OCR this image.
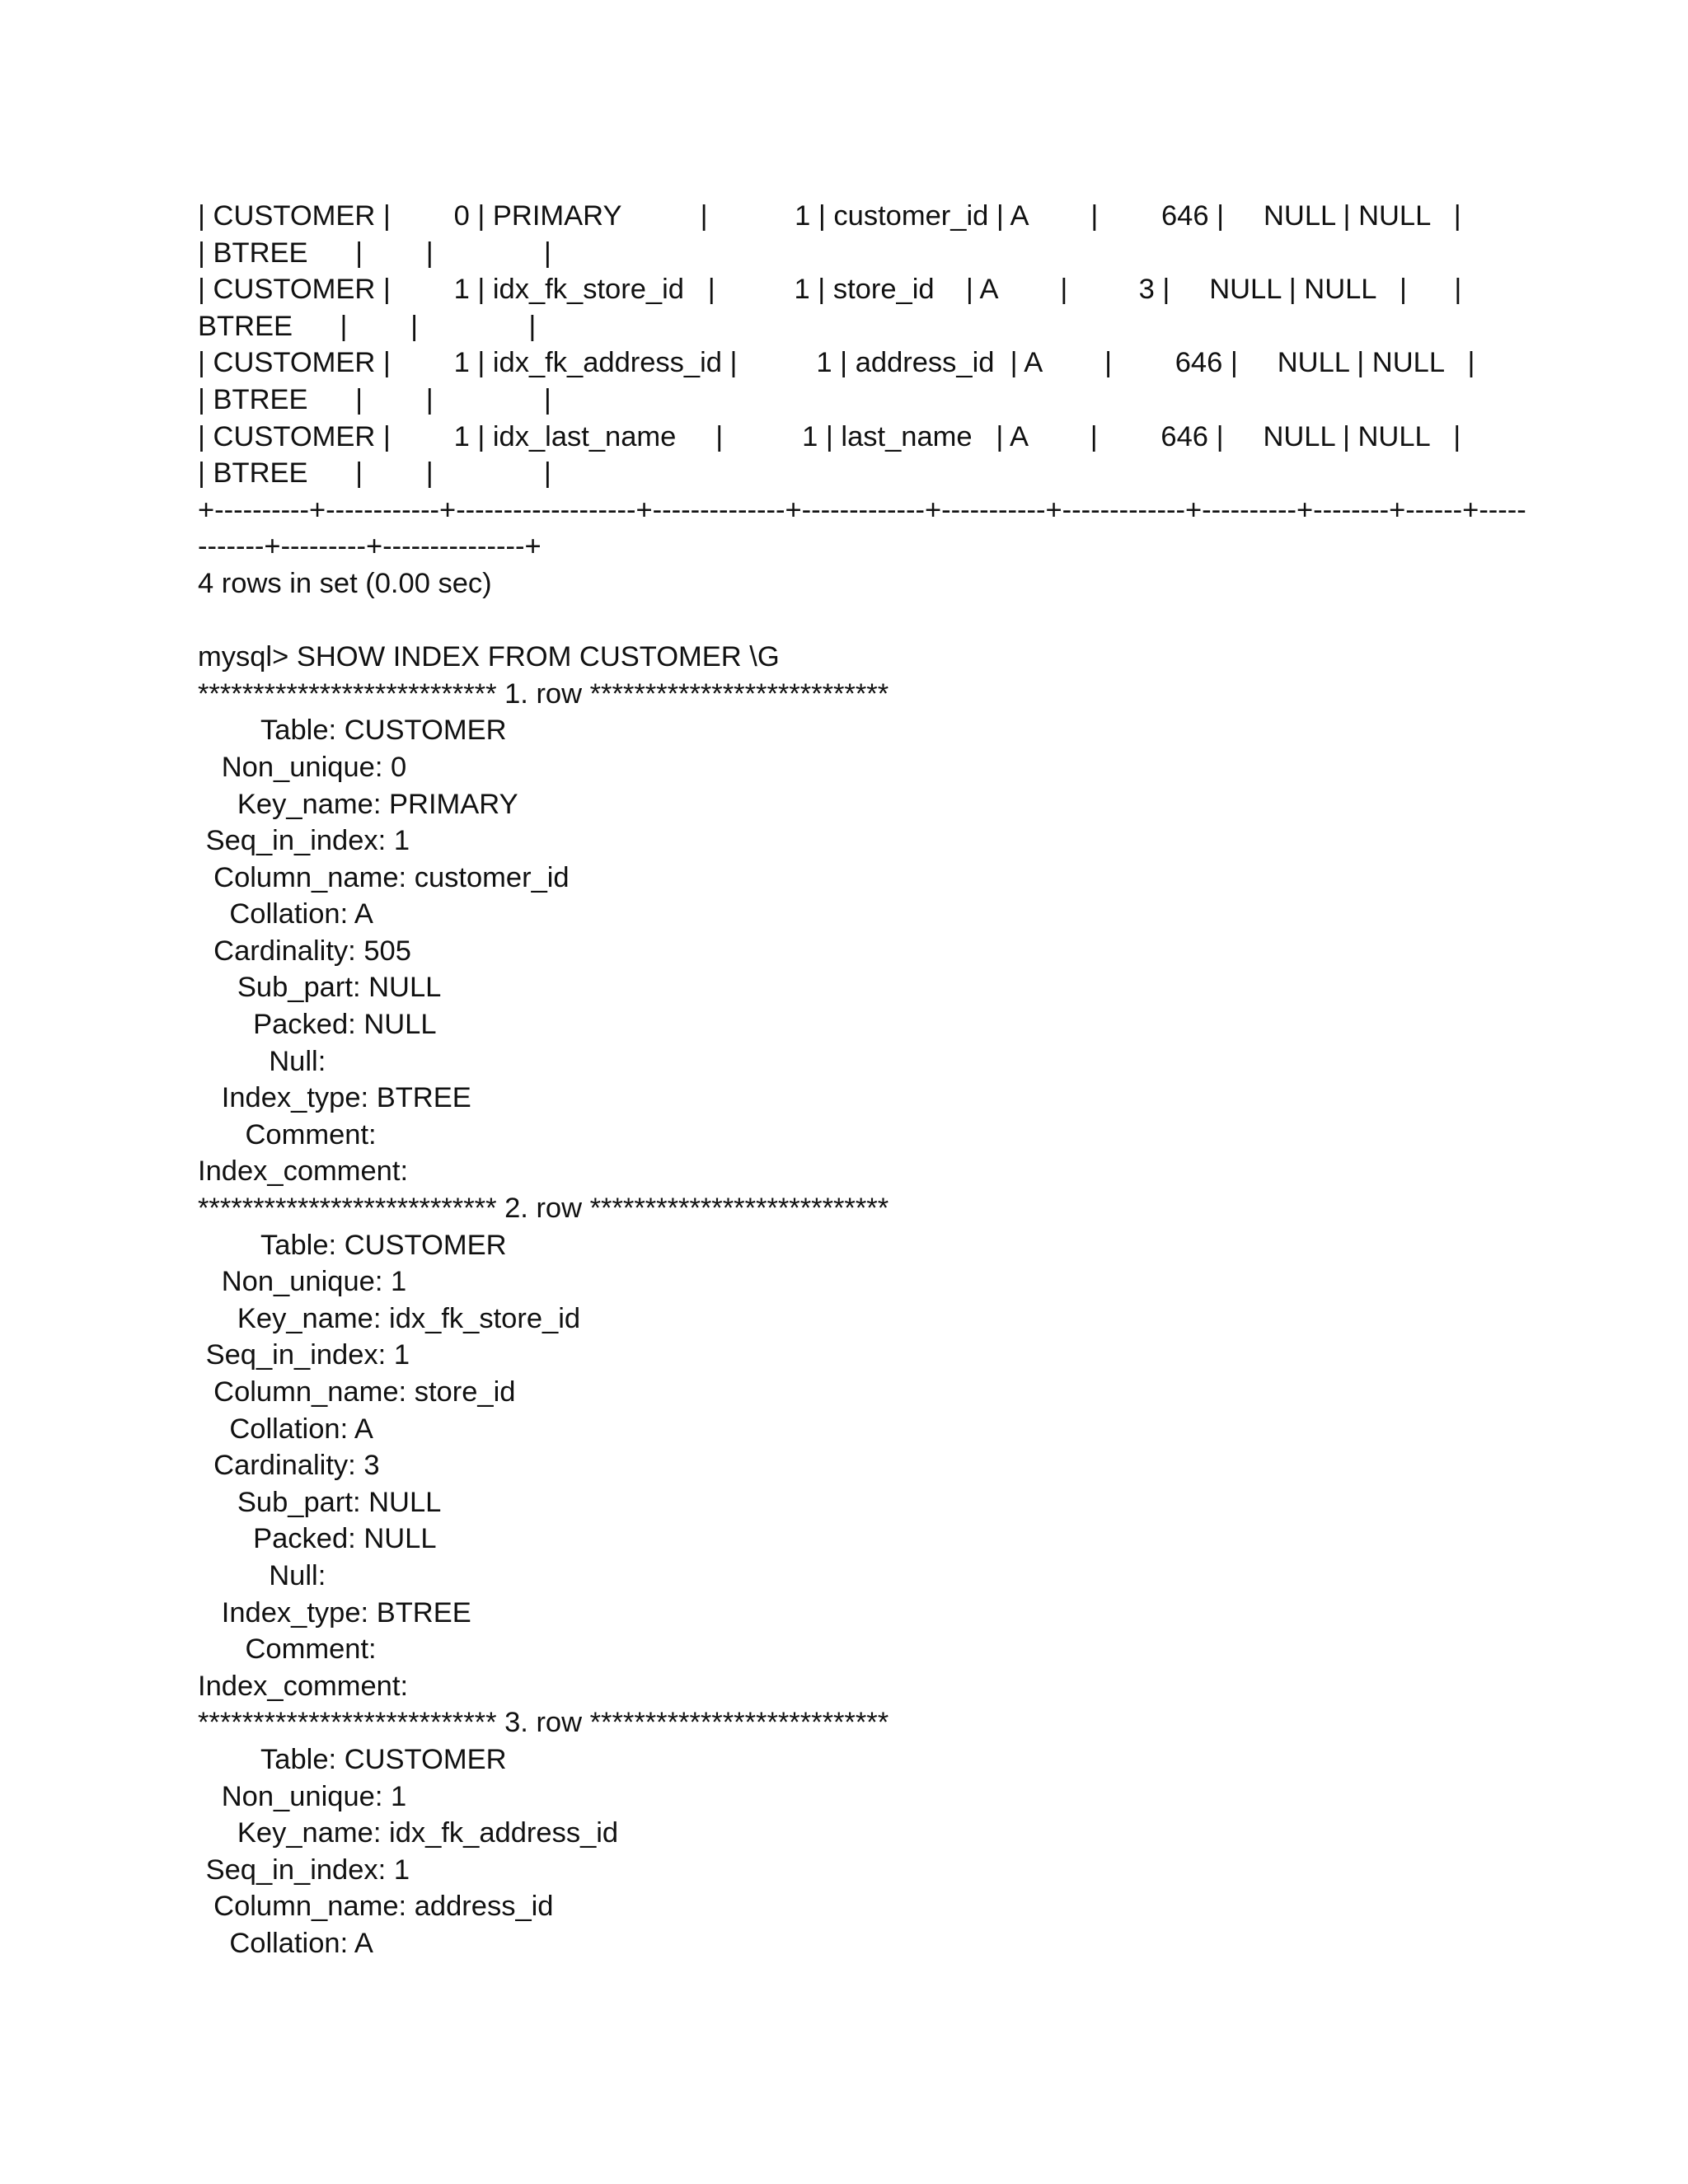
| CUSTOMER |        0 | PRIMARY          |           1 | customer_id | A        |        646 |     NULL | NULL   |
| BTREE      |        |              |
| CUSTOMER |        1 | idx_fk_store_id   |          1 | store_id    | A        |         3 |     NULL | NULL   |      |
BTREE      |        |              |
| CUSTOMER |        1 | idx_fk_address_id |          1 | address_id  | A        |        646 |     NULL | NULL   |
| BTREE      |        |              |
| CUSTOMER |        1 | idx_last_name     |          1 | last_name   | A        |        646 |     NULL | NULL   |
| BTREE      |        |              |
+----------+------------+-------------------+--------------+-------------+-----------+-------------+----------+--------+------+-----
-------+---------+---------------+
4 rows in set (0.00 sec)
mysql> SHOW INDEX FROM CUSTOMER \G
*************************** 1. row ***************************
Table: CUSTOMER
Non_unique: 0
Key_name: PRIMARY
Seq_in_index: 1
Column_name: customer_id
Collation: A
Cardinality: 505
Sub_part: NULL
Packed: NULL
Null:
Index_type: BTREE
Comment:
Index_comment:
*************************** 2. row ***************************
Table: CUSTOMER
Non_unique: 1
Key_name: idx_fk_store_id
Seq_in_index: 1
Column_name: store_id
Collation: A
Cardinality: 3
Sub_part: NULL
Packed: NULL
Null:
Index_type: BTREE
Comment:
Index_comment:
*************************** 3. row ***************************
Table: CUSTOMER
Non_unique: 1
Key_name: idx_fk_address_id
Seq_in_index: 1
Column_name: address_id
Collation: A
